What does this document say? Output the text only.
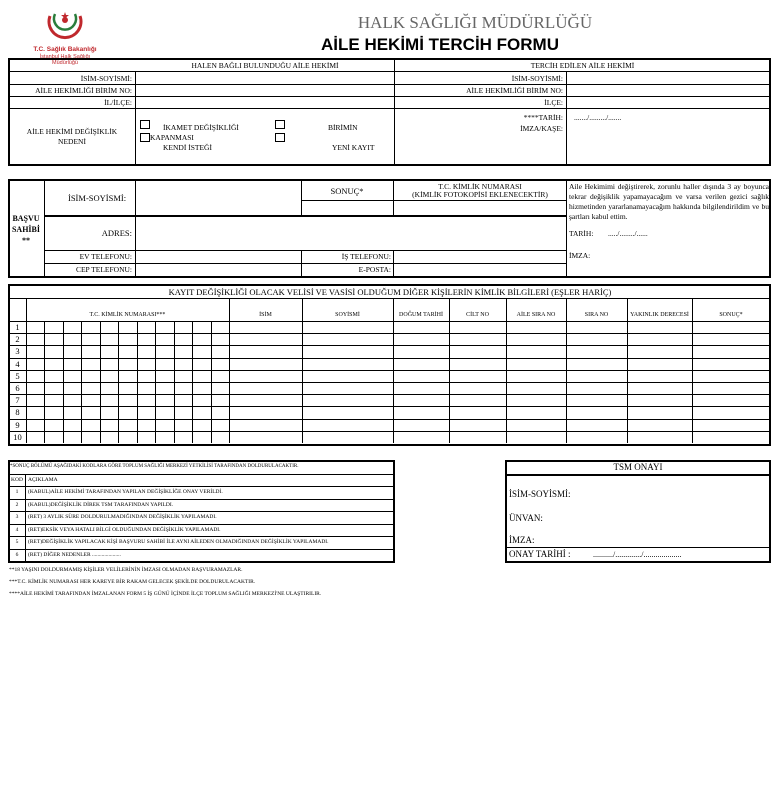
T.C. Sağlık Bakanlığı
İstanbul Halk Sağlığı
Müdürlüğü
HALK SAĞLIĞI MÜDÜRLÜĞÜ
AİLE HEKİMİ TERCİH FORMU
HALEN BAĞLI BULUNDUĞU AİLE HEKİMİ	TERCİH EDİLEN AİLE HEKİMİ
İSİM-SOYİSMİ:
AİLE HEKİMLİĞİ BİRİM NO:
İL/İLÇE:
İSİM-SOYİSMİ:
AİLE HEKİMLİĞİ BİRİM NO:
İLÇE:
AİLE HEKİMİ DEĞİŞİKLİK NEDENİ
İKAMET DEĞİŞİKLİĞİ	BİRİMİN
KAPANMASI
KENDİ İSTEĞİ	YENİ KAYIT
****TARİH: ......./........./.......
İMZA/KAŞE:
BAŞVU SAHİBİ **
İSİM-SOYİSMİ:
SONUÇ*	T.C. KİMLİK NUMARASI
(KİMLİK FOTOKOPİSİ EKLENECEKTİR)
ADRES:
EV TELEFONU:	İŞ TELEFONU:
CEP TELEFONU:	E-POSTA:
Aile Hekimimi değiştirerek, zorunlu haller dışında 3 ay boyunca tekrar değişiklik yapamayacağım ve varsa verilen gezici sağlık hizmetinden yararlanamayacağım hakkında bilgilendirildim ve bu şartları kabul ettim.
TARİH: ...../......../......
İMZA:
KAYIT DEĞİŞİKLİĞİ OLACAK VELİSİ VE VASİSİ OLDUĞUM DİĞER KİŞİLERİN KİMLİK BİLGİLERİ (EŞLER HARİÇ)
T.C. KİMLİK NUMARASI***	İSİM	SOYİSMİ	DOĞUM TARİHİ	CİLT NO	AİLE SIRA NO	SIRA NO	YAKINLIK DERECESİ	SONUÇ*
1
2
3
4
5
6
7
8
9
10
*SONUÇ BÖLÜMÜ AŞAĞIDAKİ KODLARA GÖRE TOPLUM SAĞLIĞI MERKEZİ YETKİLİSİ TARAFINDAN DOLDURULACAKTIR.
KOD AÇIKLAMA
1	(KABUL)AİLE HEKİMİ TARAFINDAN YAPILAN DEĞİŞİKLİĞE ONAY VERİLDİ.
2	(KABUL)DEĞİŞİKLİK DİREK TSM TARAFINDAN YAPILDI.
3	(RET) 3 AYLIK SÜRE DOLDURULMADIĞINDAN DEĞİŞİKLİK YAPILAMADI.
4	(RET)EKSİK VEYA HATALI BİLGİ OLDUĞUNDAN DEĞİŞİKLİK YAPILAMADI.
5	(RET)DEĞİŞİKLİK YAPILACAK KİŞİ BAŞVURU SAHİBİ İLE AYNI AİLEDEN OLMADIĞINDAN DEĞİŞİKLİK YAPILAMADI.
6	(RET) DİĞER NEDENLER .....................
**18 YAŞINI DOLDURMAMIŞ KİŞİLER VELİLERİNİN İMZASI OLMADAN BAŞVURAMAZLAR.
***T.C. KİMLİK NUMARASI HER KAREYE BİR RAKAM GELECEK ŞEKİLDE DOLDURULACAKTIR.
****AİLE HEKİMİ TARAFINDAN İMZALANAN FORM 5 İŞ GÜNÜ İÇİNDE İLÇE TOPLUM SAĞLIĞI MERKEZİ'NE ULAŞTIRILIR.
TSM ONAYI
İSİM-SOYİSMİ:
ÜNVAN:
İMZA:
ONAY TARİHİ :	........../............./...................
